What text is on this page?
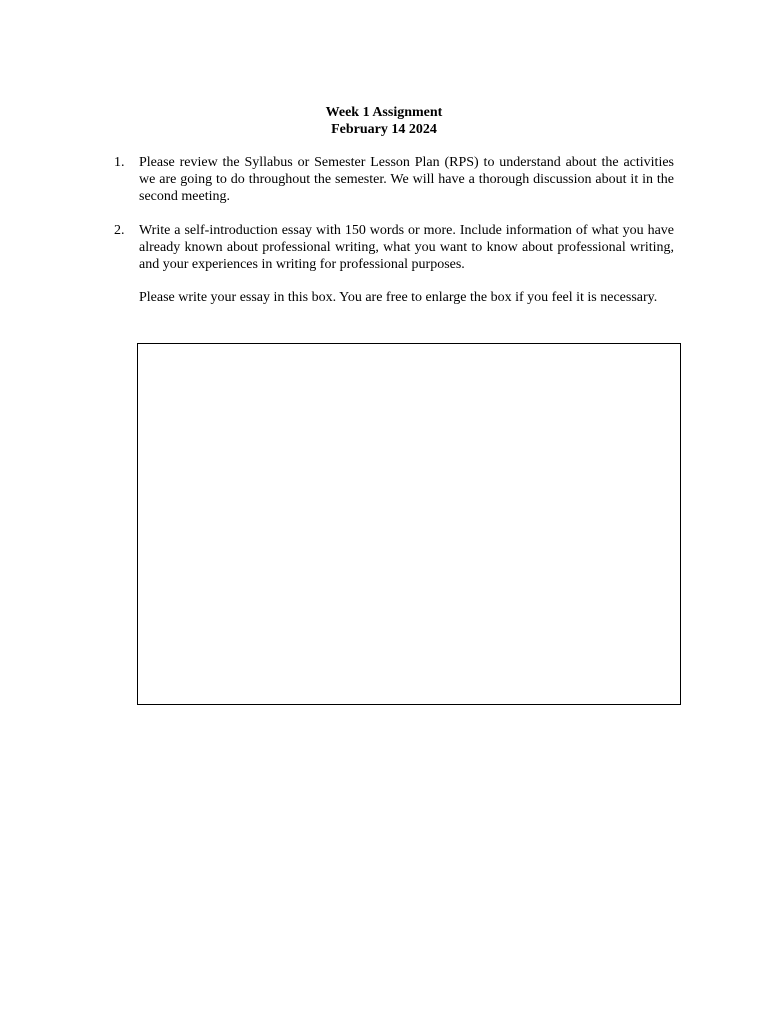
Week 1 Assignment
February 14 2024
1.	Please review the Syllabus or Semester Lesson Plan (RPS) to understand about the activities we are going to do throughout the semester. We will have a thorough discussion about it in the second meeting.
2.	Write a self-introduction essay with 150 words or more. Include information of what you have already known about professional writing, what you want to know about professional writing, and your experiences in writing for professional purposes.
Please write your essay in this box. You are free to enlarge the box if you feel it is necessary.
